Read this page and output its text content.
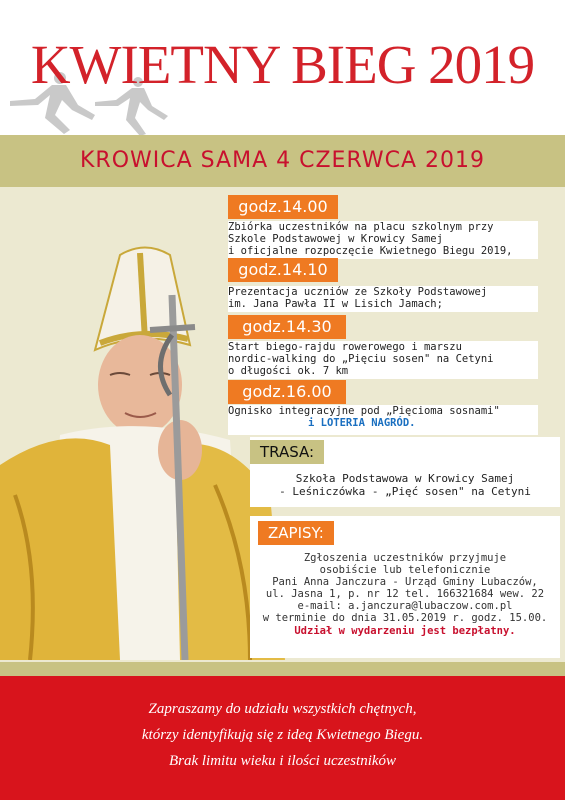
KWIETNY BIEG 2019
KROWICA SAMA 4 CZERWCA 2019
godz.14.00
Zbiórka uczestników na placu szkolnym przy
Szkole Podstawowej w Krowicy Samej
i oficjalne rozpoczęcie Kwietnego Biegu 2019,
godz.14.10
Prezentacja uczniów ze Szkoły Podstawowej
im. Jana Pawła II w Lisich Jamach;
godz.14.30
Start biego-rajdu rowerowego i marszu
nordic-walking do „Pięciu sosen" na Cetyni
o długości ok. 7 km
godz.16.00
Ognisko integracyjne pod „Pięcioma sosnami"
i LOTERIA NAGRÓD.
TRASA:
Szkoła Podstawowa w Krowicy Samej
- Leśniczówka - „Pięć sosen" na Cetyni
ZAPISY:
Zgłoszenia uczestników przyjmuje
osobiście lub telefonicznie
Pani Anna Janczura - Urząd Gminy Lubaczów,
ul. Jasna 1, p. nr 12 tel. 166321684 wew. 22
e-mail: a.janczura@lubaczow.com.pl
w terminie do dnia 31.05.2019 r. godz. 15.00.
Udział w wydarzeniu jest bezpłatny.
Zapraszamy do udziału wszystkich chętnych,
którzy identyfikują się z ideą Kwietnego Biegu.
Brak limitu wieku i ilości uczestników
